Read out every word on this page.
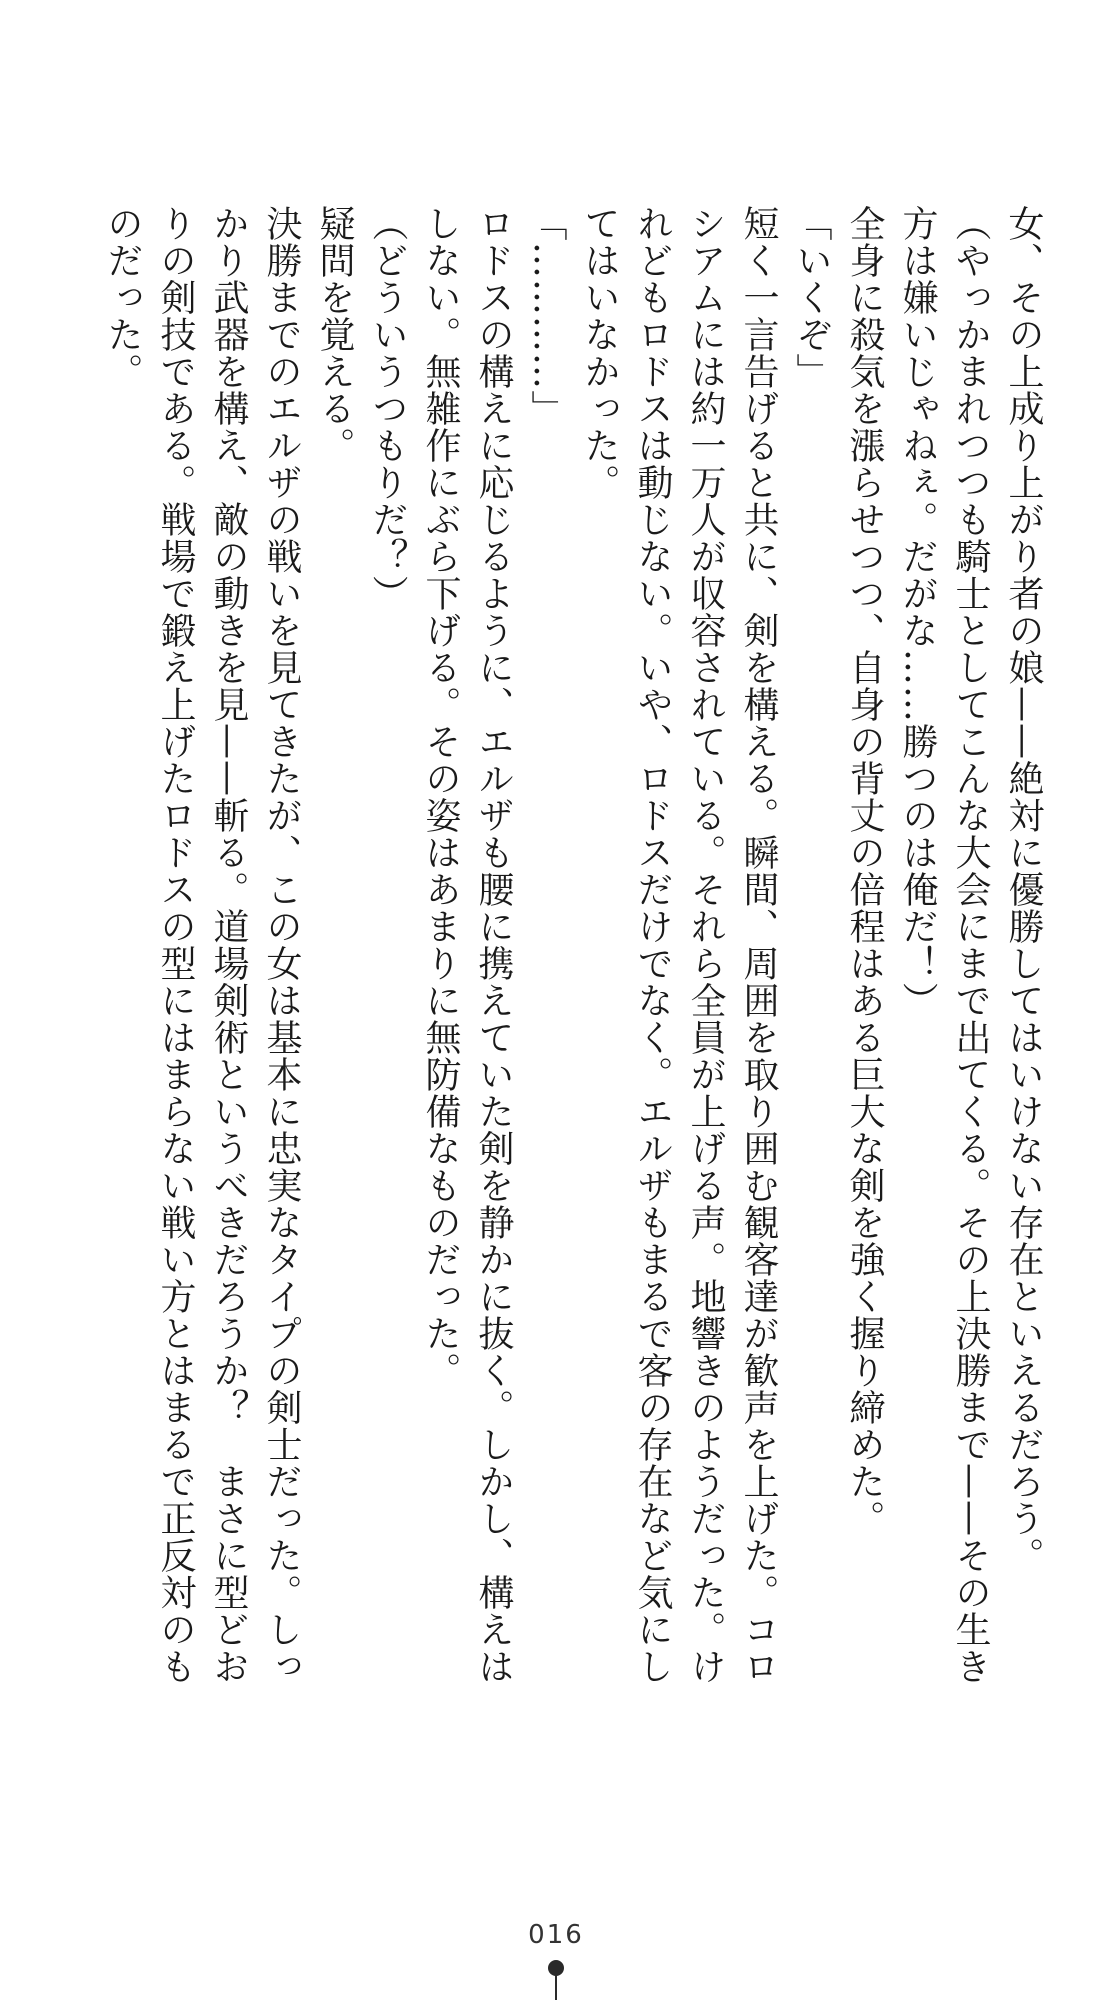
女、その上成り上がり者の娘——絶対に優勝してはいけない存在といえるだろう。

（やっかまれつつも騎士としてこんな大会にまで出てくる。その上決勝まで——その生き方は嫌いじゃねぇ。だがな……勝つのは俺だ！）

全身に殺気を漲らせつつ、自身の背丈の倍程はある巨大な剣を強く握り締めた。

「いくぞ」

短く一言告げると共に、剣を構える。瞬間、周囲を取り囲む観客達が歓声を上げた。コロシアムには約一万人が収容されている。それら全員が上げる声。地響きのようだった。けれどもロドスは動じない。いや、ロドスだけでなく。エルザもまるで客の存在など気にしてはいなかった。

「…………」

ロドスの構えに応じるように、エルザも腰に携えていた剣を静かに抜く。しかし、構えはしない。無雑作にぶら下げる。その姿はあまりに無防備なものだった。

（どういうつもりだ？）

疑問を覚える。

決勝までのエルザの戦いを見てきたが、この女は基本に忠実なタイプの剣士だった。しっかり武器を構え、敵の動きを見——斬る。道場剣術というべきだろうか？　まさに型どおりの剣技である。戦場で鍛え上げたロドスの型にはまらない戦い方とはまるで正反対のものだった。

016
